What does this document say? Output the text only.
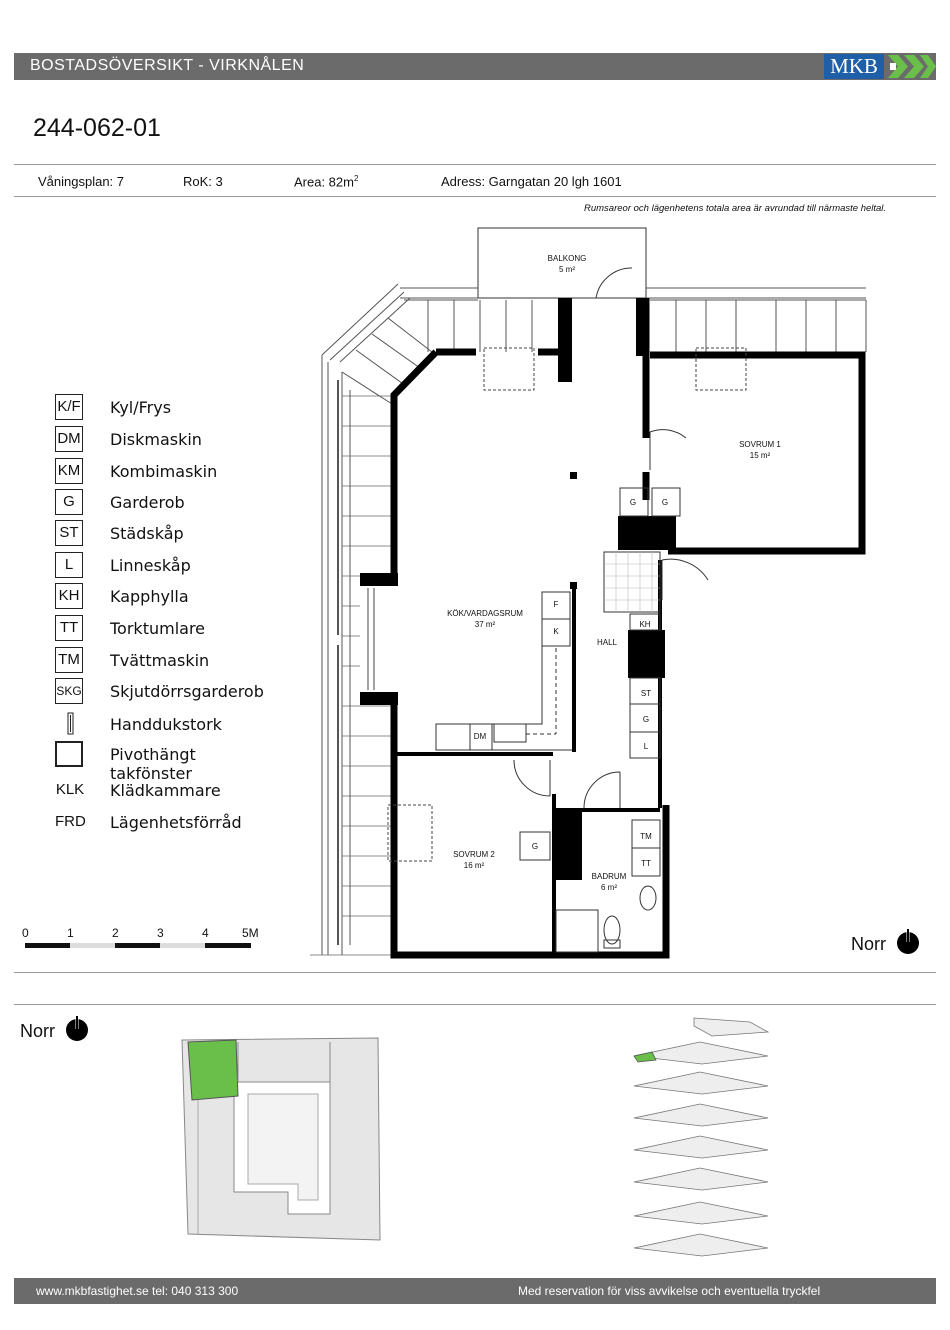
BOSTADSÖVERSIKT - VIRKNÅLEN	MKB
244-062-01
Våningsplan: 7	RoK: 3	Area: $82m^2$	Adress: Garngatan 20 lgh 1601
Rumsareor och lägenhetens totala area är avrundad till närmaste heltal.
K/F Kyl/Frys
DM Diskmaskin
KM Kombimaskin
G	Garderob
ST Städskåp
L	Linneskåp
KH Kapphylla
TT	Torktumlare
TM Tvättmaskin
SKG Skjutdörrsgarderob
Handdukstork
Pivothängt takfönster
KLK Klädkammare
FRD Lägenhetsförråd
0	1	2	3	4	5M
BALKONG
5 m²
SOVRUM 1
15 m²
KÖK/VARDAGSRUM
37 m²
HALL
SOVRUM 2
16 m²
BADRUM
6 m²
G	G
F
K
KH
ST
G
L
DM
G
TM
TT
Norr
Norr
www.mkbfastighet.se tel: 040 313 300	Med reservation för viss avvikelse och eventuella tryckfel
